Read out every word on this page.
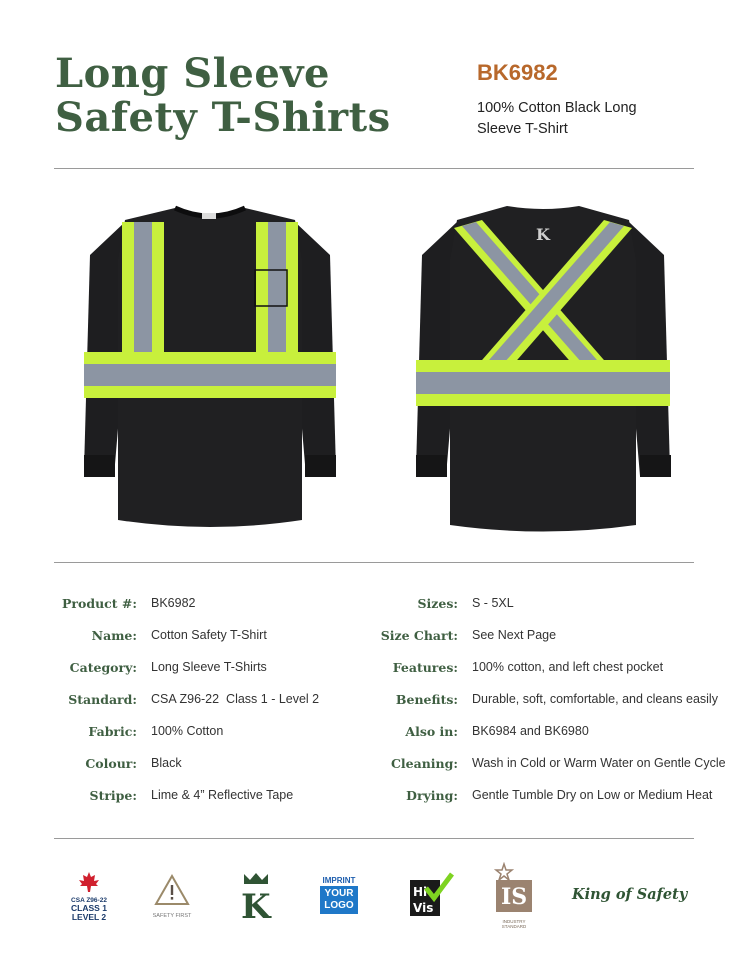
Long Sleeve
Safety T-Shirts
BK6982
100% Cotton Black Long Sleeve T-Shirt
K
Product #: BK6982
Name: Cotton Safety T-Shirt
Category: Long Sleeve T-Shirts
Standard: CSA Z96-22  Class 1 - Level 2
Fabric: 100% Cotton
Colour: Black
Stripe: Lime & 4” Reflective Tape
Sizes: S - 5XL
Size Chart: See Next Page
Features: 100% cotton, and left chest pocket
Benefits: Durable, soft, comfortable, and cleans easily
Also in: BK6984 and BK6980
Cleaning: Wash in Cold or Warm Water on Gentle Cycle
Drying: Gentle Tumble Dry on Low or Medium Heat
CSA Z96-22
CLASS 1
LEVEL 2	SAFETY FIRST K
IMPRINT
YOUR
LOGO
Hi
Vis	IS
INDUSTRY STANDARD
King of Safety
